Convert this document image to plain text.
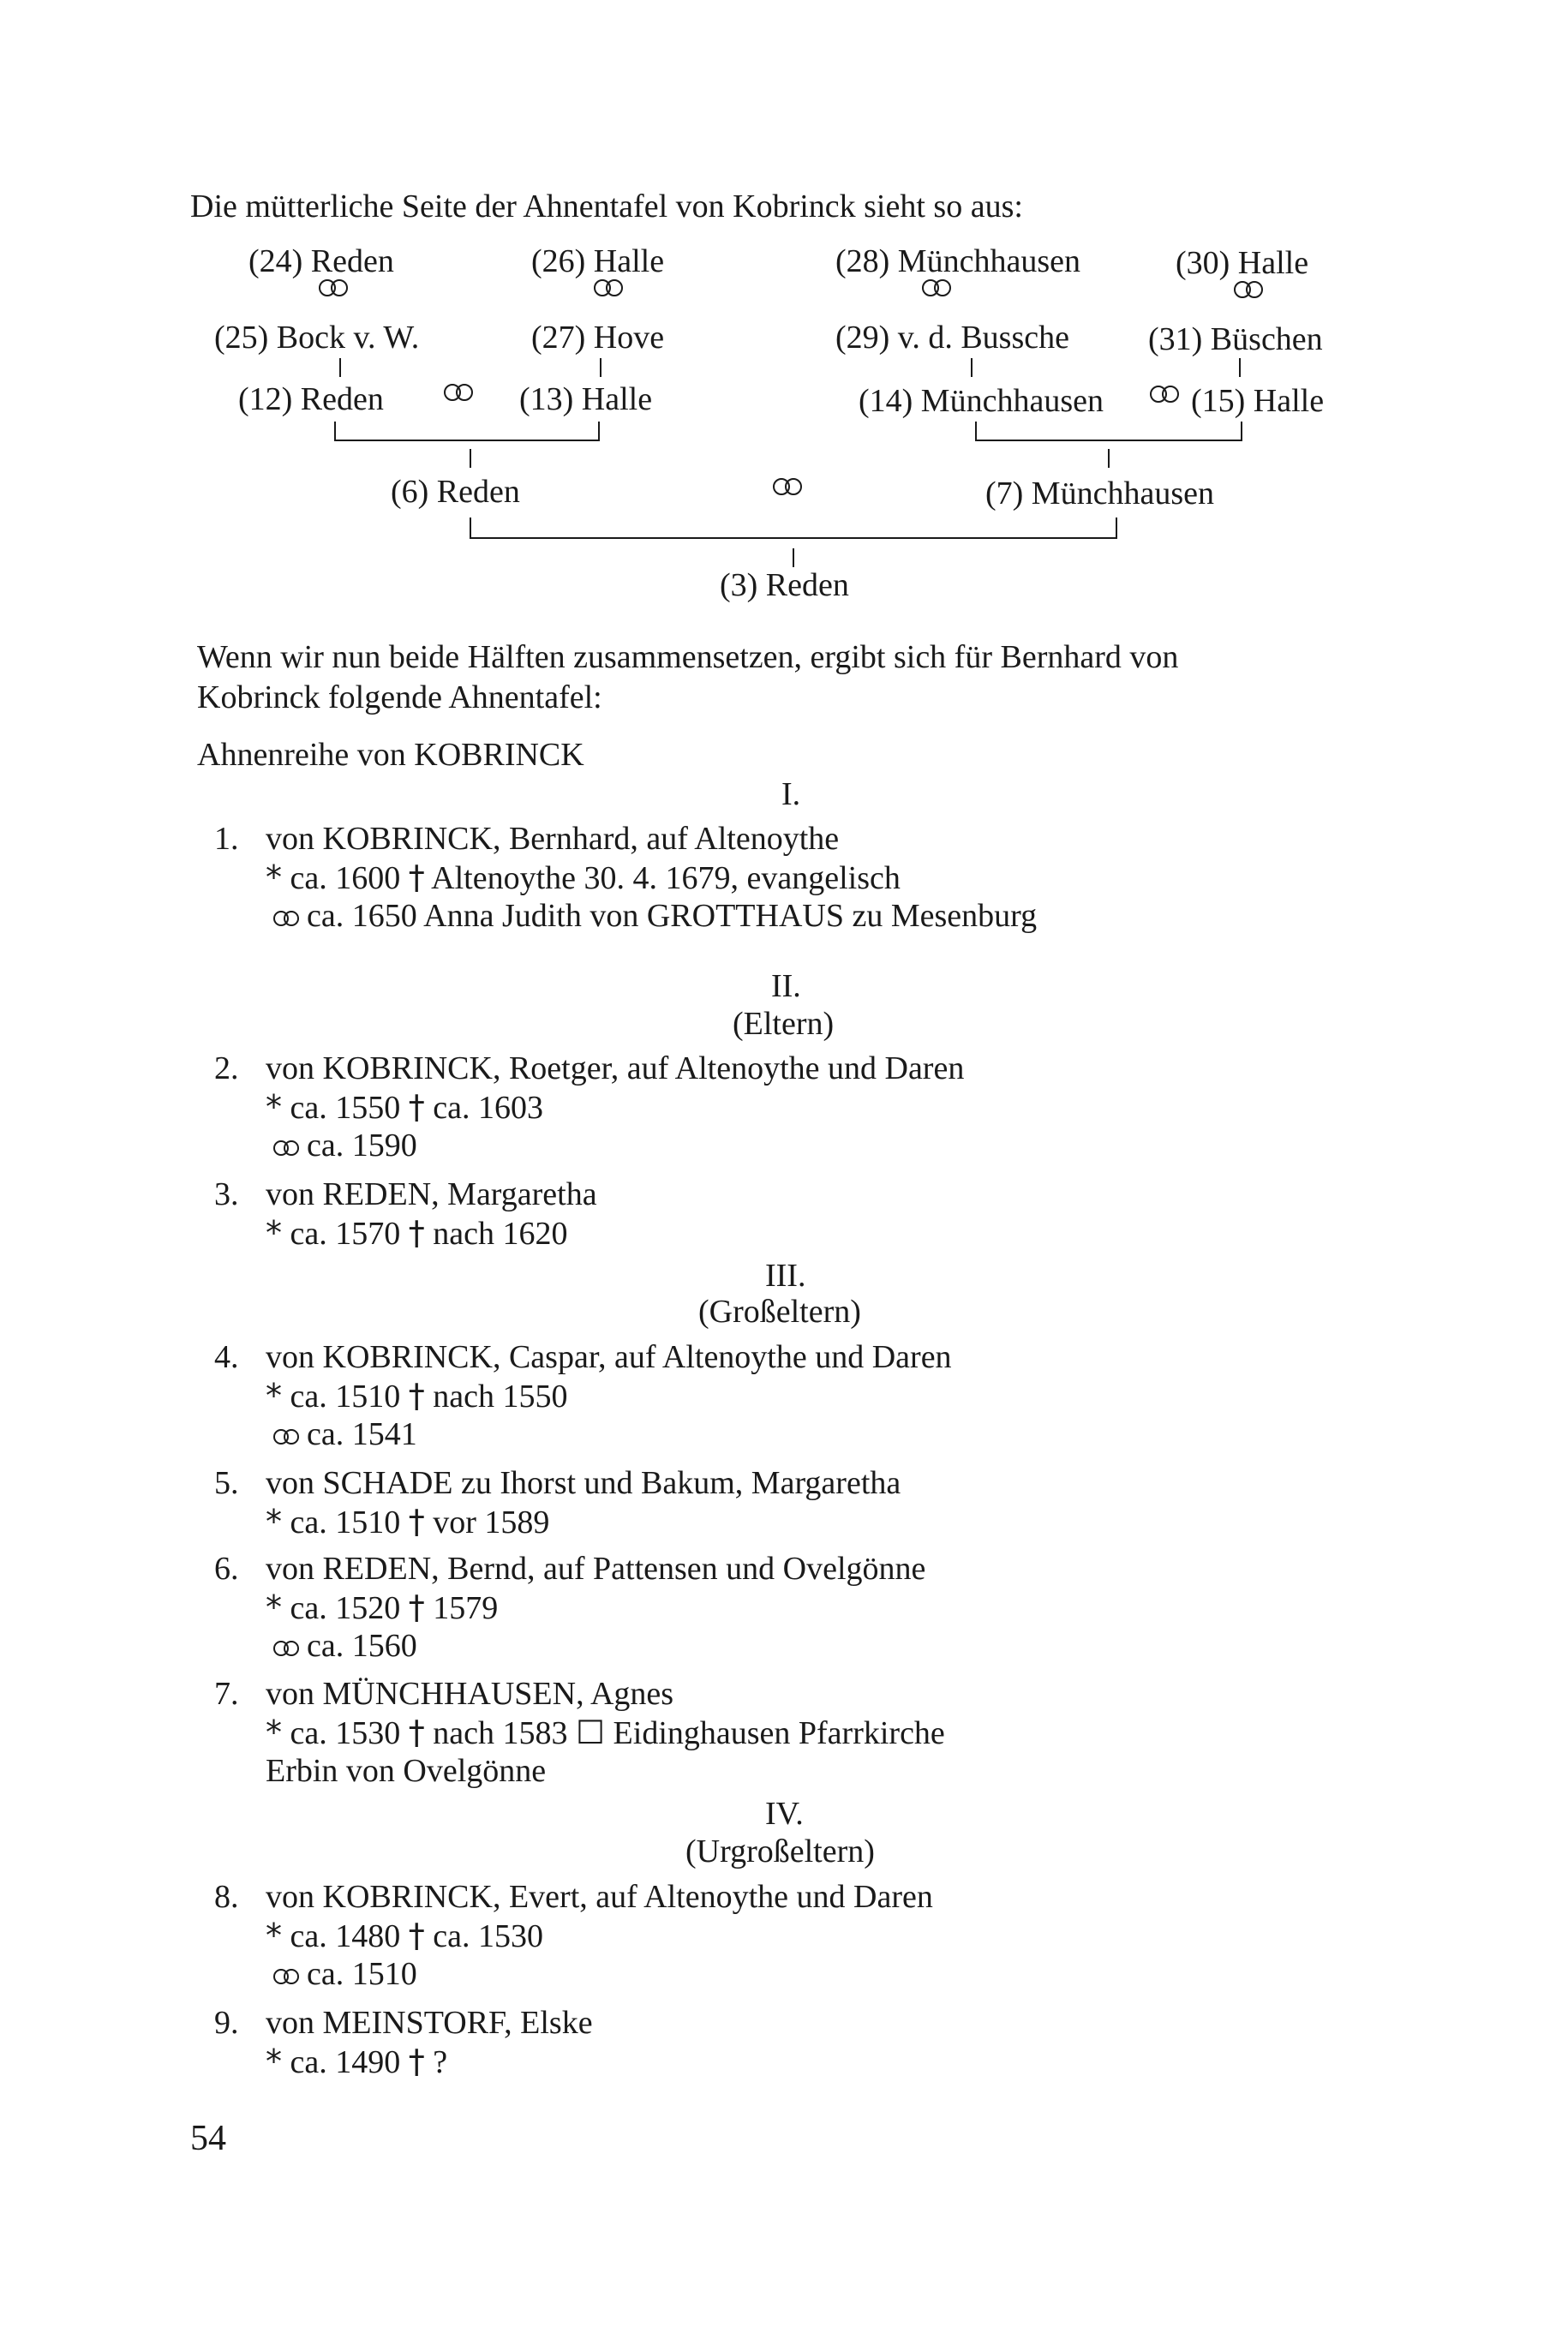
Die mütterliche Seite der Ahnentafel von Kobrinck sieht so aus:
(24) Reden	(26) Halle	(28) Münchhausen	(30) Halle
(25) Bock v. W.	(27) Hove	(29) v. d. Bussche (31) Büschen
(12) Reden	(13) Halle	(14) Münchhausen	(15) Halle
(6) Reden	(7) Münchhausen
(3) Reden
Wenn wir nun beide Hälften zusammensetzen, ergibt sich für Bernhard von
Kobrinck folgende Ahnentafel:
Ahnenreihe von KOBRINCK
I.
1. von KOBRINCK, Bernhard, auf Altenoythe
* ca. 1600 † Altenoythe 30. 4. 1679, evangelisch
ca. 1650 Anna Judith von GROTTHAUS zu Mesenburg
II.
(Eltern)
2. von KOBRINCK, Roetger, auf Altenoythe und Daren
* ca. 1550 † ca. 1603
ca. 1590
3. von REDEN, Margaretha
* ca. 1570 † nach 1620
III.
(Großeltern)
4. von KOBRINCK, Caspar, auf Altenoythe und Daren
* ca. 1510 † nach 1550
ca. 1541
5. von SCHADE zu Ihorst und Bakum, Margaretha
* ca. 1510 † vor 1589
6. von REDEN, Bernd, auf Pattensen und Ovelgönne
* ca. 1520 † 1579
ca. 1560
7. von MÜNCHHAUSEN, Agnes
* ca. 1530 † nach 1583 ☐ Eidinghausen Pfarrkirche
Erbin von Ovelgönne
IV.
(Urgroßeltern)
8. von KOBRINCK, Evert, auf Altenoythe und Daren
* ca. 1480 † ca. 1530
ca. 1510
9. von MEINSTORF, Elske
* ca. 1490 † ?
54
